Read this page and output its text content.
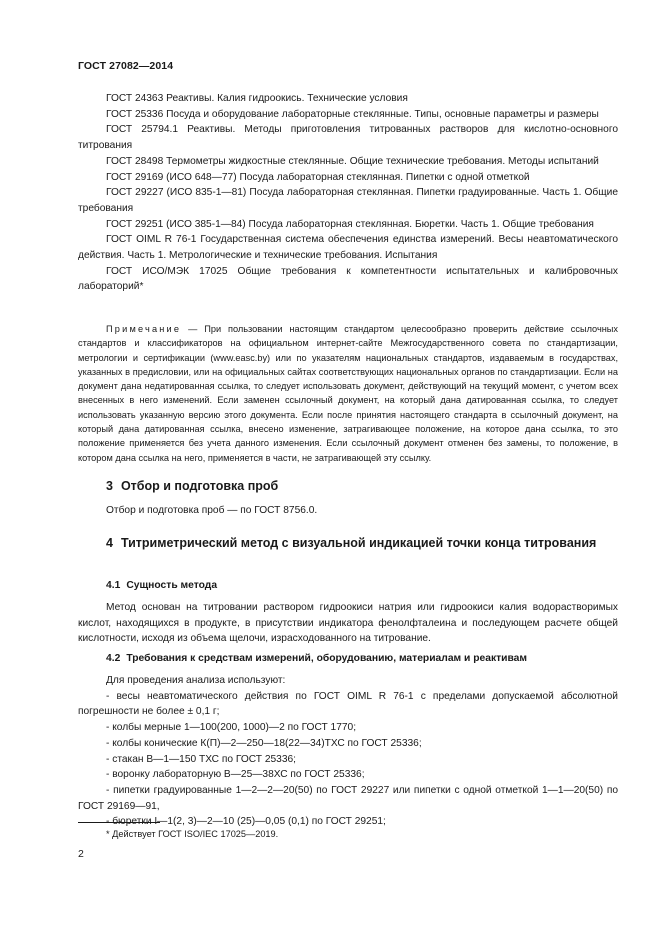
ГОСТ 27082—2014

ГОСТ 24363 Реактивы. Калия гидроокись. Технические условия

ГОСТ 25336 Посуда и оборудование лабораторные стеклянные. Типы, основные параметры и размеры

ГОСТ 25794.1 Реактивы. Методы приготовления титрованных растворов для кислотно-основного титрования

ГОСТ 28498 Термометры жидкостные стеклянные. Общие технические требования. Методы испытаний

ГОСТ 29169 (ИСО 648—77) Посуда лабораторная стеклянная. Пипетки с одной отметкой

ГОСТ 29227 (ИСО 835-1—81) Посуда лабораторная стеклянная. Пипетки градуированные. Часть 1. Общие требования

ГОСТ 29251 (ИСО 385-1—84) Посуда лабораторная стеклянная. Бюретки. Часть 1. Общие требования

ГОСТ OIML R 76-1 Государственная система обеспечения единства измерений. Весы неавтоматического действия. Часть 1. Метрологические и технические требования. Испытания

ГОСТ ИСО/МЭК 17025 Общие требования к компетентности испытательных и калибровочных лабораторий*

Примечание — При пользовании настоящим стандартом целесообразно проверить действие ссылочных стандартов и классификаторов на официальном интернет-сайте Межгосударственного совета по стандартизации, метрологии и сертификации (www.easc.by) или по указателям национальных стандартов, издаваемым в государствах, указанных в предисловии, или на официальных сайтах соответствующих национальных органов по стандартизации. Если на документ дана недатированная ссылка, то следует использовать документ, действующий на текущий момент, с учетом всех внесенных в него изменений. Если заменен ссылочный документ, на который дана датированная ссылка, то следует использовать указанную версию этого документа. Если после принятия настоящего стандарта в ссылочный документ, на который дана датированная ссылка, внесено изменение, затрагивающее положение, на которое дана ссылка, то это положение применяется без учета данного изменения. Если ссылочный документ отменен без замены, то положение, в котором дана ссылка на него, применяется в части, не затрагивающей эту ссылку.

3 Отбор и подготовка проб

Отбор и подготовка проб — по ГОСТ 8756.0.

4 Титриметрический метод с визуальной индикацией точки конца титрования

4.1 Сущность метода

Метод основан на титровании раствором гидроокиси натрия или гидроокиси калия водорастворимых кислот, находящихся в продукте, в присутствии индикатора фенолфталеина и последующем расчете общей кислотности, исходя из объема щелочи, израсходованного на титрование.

4.2 Требования к средствам измерений, оборудованию, материалам и реактивам

Для проведения анализа используют:

- весы неавтоматического действия по ГОСТ OIML R 76-1 с пределами допускаемой абсолютной погрешности не более ± 0,1 г;

- колбы мерные 1—100(200, 1000)—2 по ГОСТ 1770;

- колбы конические К(П)—2—250—18(22—34)ТХС по ГОСТ 25336;

- стакан В—1—150 ТХС по ГОСТ 25336;

- воронку лабораторную В—25—38ХС по ГОСТ 25336;

- пипетки градуированные 1—2—2—20(50) по ГОСТ 29227 или пипетки с одной отметкой 1—1—20(50) по ГОСТ 29169—91,

- бюретки I—1(2, 3)—2—10 (25)—0,05 (0,1) по ГОСТ 29251;

* Действует ГОСТ ISO/IEC 17025—2019.

2
